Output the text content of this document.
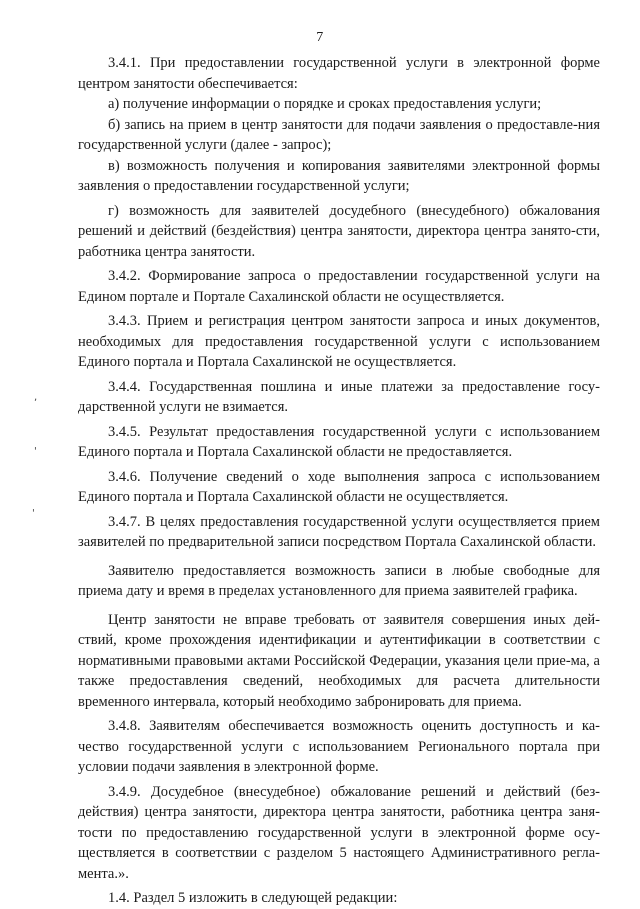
7
,
'
'

3.4.1. При предоставлении государственной услуги в электронной форме центром занятости обеспечивается:

а) получение информации о порядке и сроках предоставления услуги;

б) запись на прием в центр занятости для подачи заявления о предоставле-ния государственной услуги (далее - запрос);

в) возможность получения и копирования заявителями электронной формы заявления о предоставлении государственной услуги;

г) возможность для заявителей досудебного (внесудебного) обжалования решений и действий (бездействия) центра занятости, директора центра занято-сти, работника центра занятости.

3.4.2. Формирование запроса о предоставлении государственной услуги на Едином портале и Портале Сахалинской области не осуществляется.

3.4.3. Прием и регистрация центром занятости запроса и иных документов, необходимых для предоставления государственной услуги с использованием Единого портала и Портала Сахалинской не осуществляется.

3.4.4. Государственная пошлина и иные платежи за предоставление госу-дарственной услуги не взимается.

3.4.5. Результат предоставления государственной услуги с использованием Единого портала и Портала Сахалинской области не предоставляется.

3.4.6. Получение сведений о ходе выполнения запроса с использованием Единого портала и Портала Сахалинской области не осуществляется.

3.4.7. В целях предоставления государственной услуги осуществляется прием заявителей по предварительной записи посредством Портала Сахалинской области.

Заявителю предоставляется возможность записи в любые свободные для приема дату и время в пределах установленного для приема заявителей графика.

Центр занятости не вправе требовать от заявителя совершения иных дей-ствий, кроме прохождения идентификации и аутентификации в соответствии с нормативными правовыми актами Российской Федерации, указания цели прие-ма, а также предоставления сведений, необходимых для расчета длительности временного интервала, который необходимо забронировать для приема.

3.4.8. Заявителям обеспечивается возможность оценить доступность и ка-чество государственной услуги с использованием Регионального портала при условии подачи заявления в электронной форме.

3.4.9. Досудебное (внесудебное) обжалование решений и действий (без-действия) центра занятости, директора центра занятости, работника центра заня-тости по предоставлению государственной услуги в электронной форме осу-ществляется в соответствии с разделом 5 настоящего Административного регла-мента.».

1.4. Раздел 5 изложить в следующей редакции:
